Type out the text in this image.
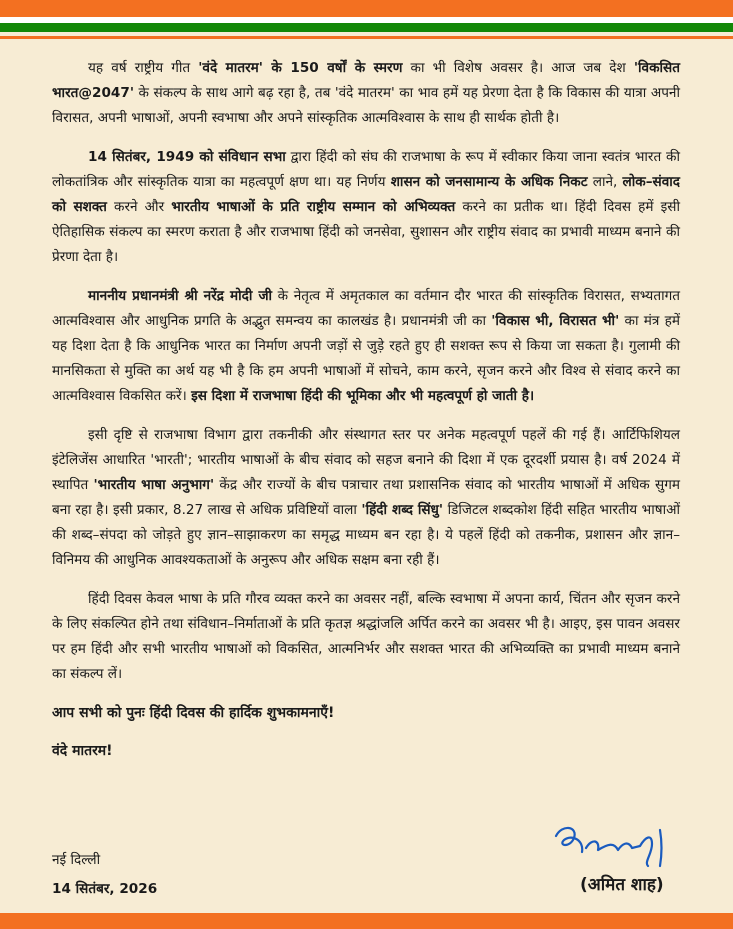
यह वर्ष राष्ट्रीय गीत 'वंदे मातरम' के 150 वर्षों के स्मरण का भी विशेष अवसर है। आज जब देश 'विकसित भारत@2047' के संकल्प के साथ आगे बढ़ रहा है, तब 'वंदे मातरम' का भाव हमें यह प्रेरणा देता है कि विकास की यात्रा अपनी विरासत, अपनी भाषाओं, अपनी स्वभाषा और अपने सांस्कृतिक आत्मविश्वास के साथ ही सार्थक होती है।

14 सितंबर, 1949 को संविधान सभा द्वारा हिंदी को संघ की राजभाषा के रूप में स्वीकार किया जाना स्वतंत्र भारत की लोकतांत्रिक और सांस्कृतिक यात्रा का महत्वपूर्ण क्षण था। यह निर्णय शासन को जनसामान्य के अधिक निकट लाने, लोक–संवाद को सशक्त करने और भारतीय भाषाओं के प्रति राष्ट्रीय सम्मान को अभिव्यक्त करने का प्रतीक था। हिंदी दिवस हमें इसी ऐतिहासिक संकल्प का स्मरण कराता है और राजभाषा हिंदी को जनसेवा, सुशासन और राष्ट्रीय संवाद का प्रभावी माध्यम बनाने की प्रेरणा देता है।

माननीय प्रधानमंत्री श्री नरेंद्र मोदी जी के नेतृत्व में अमृतकाल का वर्तमान दौर भारत की सांस्कृतिक विरासत, सभ्यतागत आत्मविश्वास और आधुनिक प्रगति के अद्भुत समन्वय का कालखंड है। प्रधानमंत्री जी का 'विकास भी, विरासत भी' का मंत्र हमें यह दिशा देता है कि आधुनिक भारत का निर्माण अपनी जड़ों से जुड़े रहते हुए ही सशक्त रूप से किया जा सकता है। गुलामी की मानसिकता से मुक्ति का अर्थ यह भी है कि हम अपनी भाषाओं में सोचने, काम करने, सृजन करने और विश्व से संवाद करने का आत्मविश्वास विकसित करें। इस दिशा में राजभाषा हिंदी की भूमिका और भी महत्वपूर्ण हो जाती है।

इसी दृष्टि से राजभाषा विभाग द्वारा तकनीकी और संस्थागत स्तर पर अनेक महत्वपूर्ण पहलें की गई हैं। आर्टिफिशियल इंटेलिजेंस आधारित 'भारती'; भारतीय भाषाओं के बीच संवाद को सहज बनाने की दिशा में एक दूरदर्शी प्रयास है। वर्ष 2024 में स्थापित 'भारतीय भाषा अनुभाग' केंद्र और राज्यों के बीच पत्राचार तथा प्रशासनिक संवाद को भारतीय भाषाओं में अधिक सुगम बना रहा है। इसी प्रकार, 8.27 लाख से अधिक प्रविष्टियों वाला 'हिंदी शब्द सिंधु' डिजिटल शब्दकोश हिंदी सहित भारतीय भाषाओं की शब्द–संपदा को जोड़ते हुए ज्ञान–साझाकरण का समृद्ध माध्यम बन रहा है। ये पहलें हिंदी को तकनीक, प्रशासन और ज्ञान–विनिमय की आधुनिक आवश्यकताओं के अनुरूप और अधिक सक्षम बना रही हैं।

हिंदी दिवस केवल भाषा के प्रति गौरव व्यक्त करने का अवसर नहीं, बल्कि स्वभाषा में अपना कार्य, चिंतन और सृजन करने के लिए संकल्पित होने तथा संविधान–निर्माताओं के प्रति कृतज्ञ श्रद्धांजलि अर्पित करने का अवसर भी है। आइए, इस पावन अवसर पर हम हिंदी और सभी भारतीय भाषाओं को विकसित, आत्मनिर्भर और सशक्त भारत की अभिव्यक्ति का प्रभावी माध्यम बनाने का संकल्प लें।

आप सभी को पुनः हिंदी दिवस की हार्दिक शुभकामनाएँ!
वंदे मातरम!
नई दिल्ली
14 सितंबर, 2026	(अमित शाह)
